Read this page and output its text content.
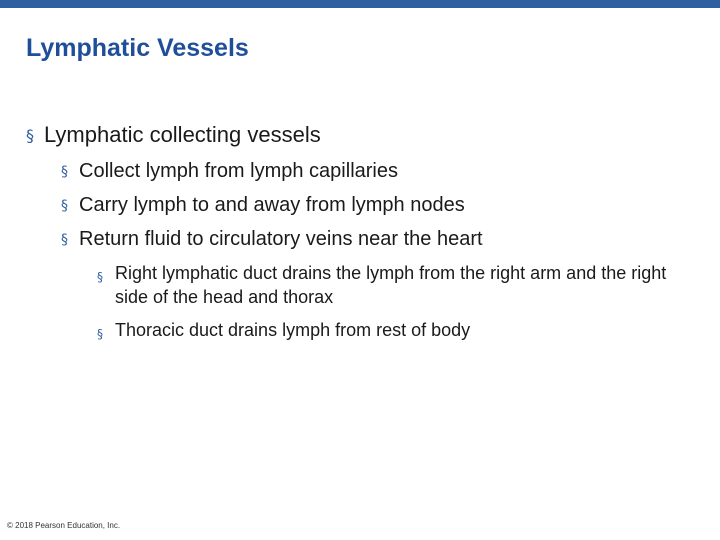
Lymphatic Vessels
§ Lymphatic collecting vessels
§ Collect lymph from lymph capillaries
§ Carry lymph to and away from lymph nodes
§ Return fluid to circulatory veins near the heart
§ Right lymphatic duct drains the lymph from the right arm and the right side of the head and thorax
§ Thoracic duct drains lymph from rest of body
© 2018 Pearson Education, Inc.
